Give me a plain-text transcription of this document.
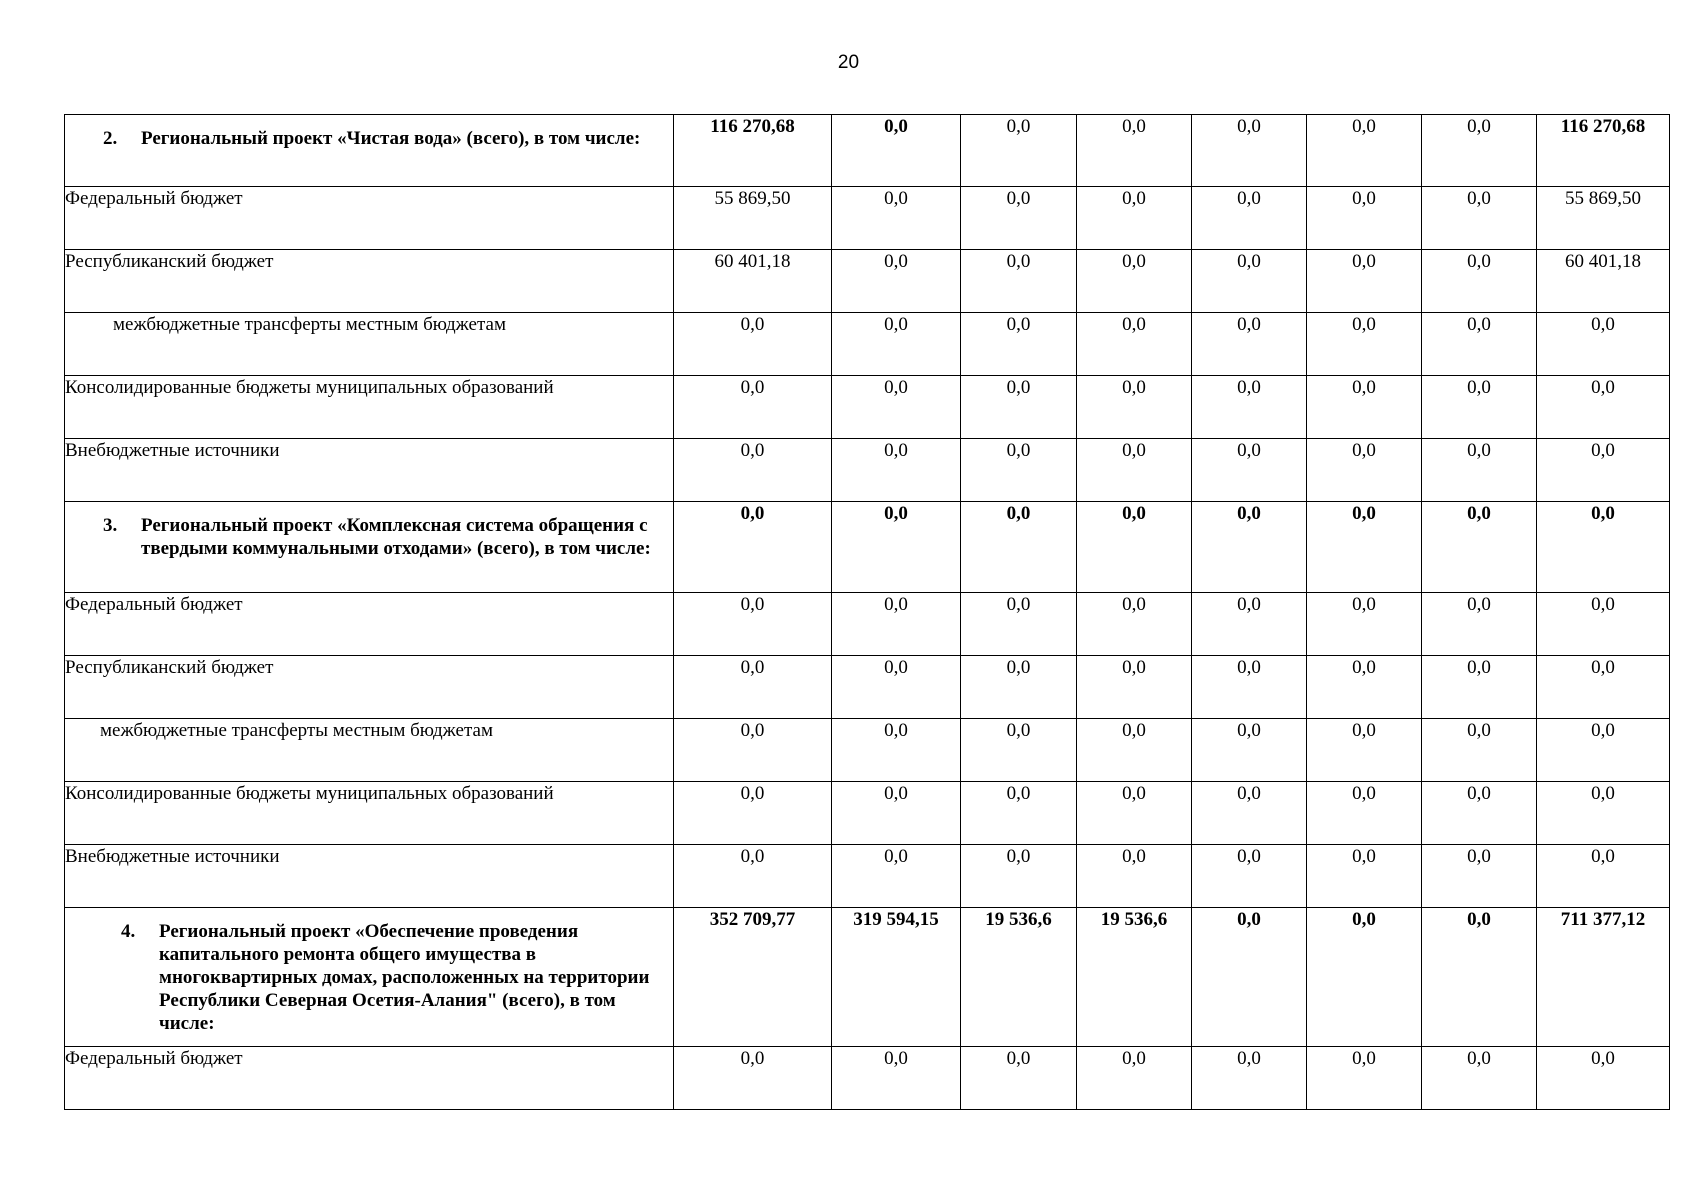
20
2. Региональный проект «Чистая вода» (всего), в том числе:	116 270,68	0,0	0,0	0,0	0,0	0,0	0,0	116 270,68
Федеральный бюджет	55 869,50	0,0	0,0	0,0	0,0	0,0	0,0	55 869,50
Республиканский бюджет	60 401,18	0,0	0,0	0,0	0,0	0,0	0,0	60 401,18
межбюджетные трансферты местным бюджетам	0,0	0,0	0,0	0,0	0,0	0,0	0,0	0,0
Консолидированные бюджеты муниципальных образований	0,0	0,0	0,0	0,0	0,0	0,0	0,0	0,0
Внебюджетные источники	0,0	0,0	0,0	0,0	0,0	0,0	0,0	0,0

3. Региональный проект «Комплексная система обращения с твердыми коммунальными отходами» (всего), в том числе:	0,0	0,0	0,0	0,0	0,0	0,0	0,0	0,0
Федеральный бюджет	0,0	0,0	0,0	0,0	0,0	0,0	0,0	0,0
Республиканский бюджет	0,0	0,0	0,0	0,0	0,0	0,0	0,0	0,0
межбюджетные трансферты местным бюджетам	0,0	0,0	0,0	0,0	0,0	0,0	0,0	0,0
Консолидированные бюджеты муниципальных образований	0,0	0,0	0,0	0,0	0,0	0,0	0,0	0,0
Внебюджетные источники	0,0	0,0	0,0	0,0	0,0	0,0	0,0	0,0

4. Региональный проект «Обеспечение проведения капитального ремонта общего имущества в многоквартирных домах, расположенных на территории Республики Северная Осетия-Алания" (всего), в том числе:	352 709,77	319 594,15	19 536,6	19 536,6	0,0	0,0	0,0	711 377,12
Федеральный бюджет	0,0	0,0	0,0	0,0	0,0	0,0	0,0	0,0
